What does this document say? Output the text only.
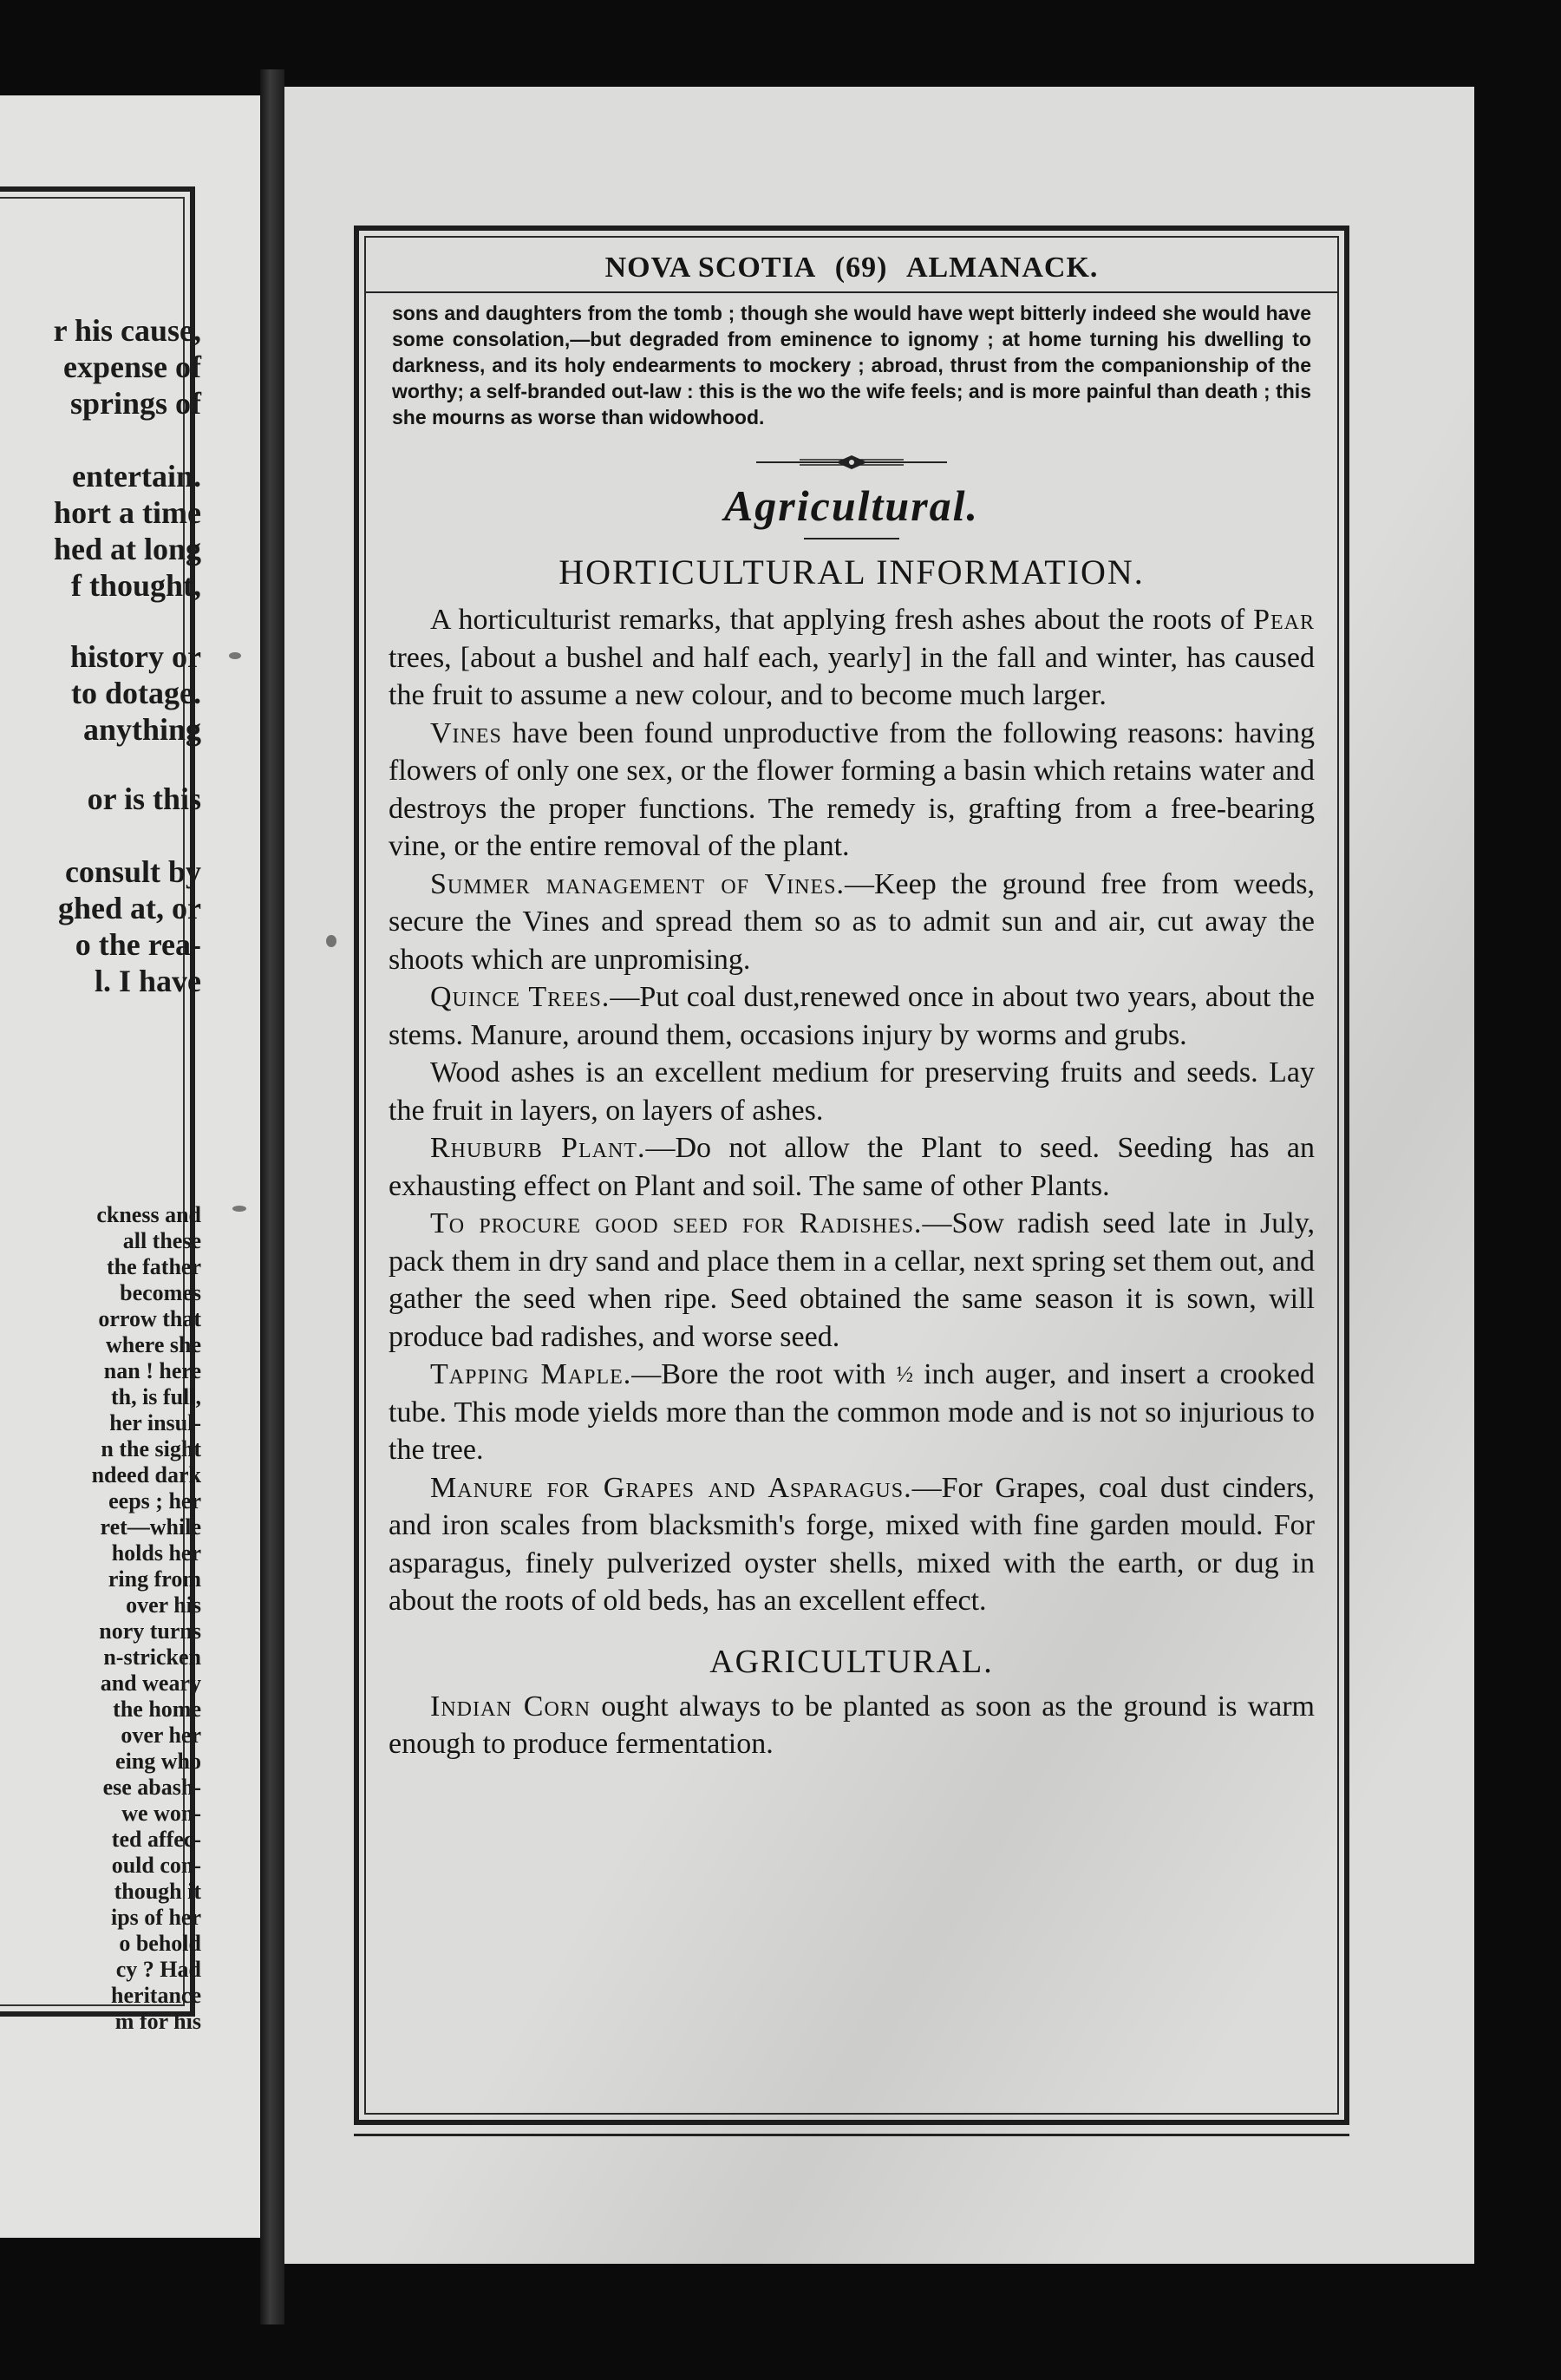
r his cause,
expense of
springs of
entertain.
hort a time
hed at long
f thought,
history or
to dotage.
anything
or is this
consult by
ghed at, or
o the rea-
l. I have
ckness and
all these
the father
becomes
orrow that
where she
nan ! here
th, is full,
her insul-
n the sight
ndeed dark
eeps ; her
ret—while
holds her
ring from
over his
nory turns
n-stricken
and weary
the home
over her
eing who
ese abash-
we won-
ted affec-
ould con-
though it
ips of her
o behold
cy ? Had
heritance
m for his
NOVA SCOTIA (69) ALMANACK.

sons and daughters from the tomb ; though she would have wept bitterly indeed she would have some consolation,—but degraded from eminence to ignomy ; at home turning his dwelling to darkness, and its holy endearments to mockery ; abroad, thrust from the companionship of the worthy; a self-branded out-law : this is the wo the wife feels; and is more painful than death ; this she mourns as worse than widowhood.

Agricultural.
HORTICULTURAL INFORMATION.

A horticulturist remarks, that applying fresh ashes about the roots of Pear trees, [about a bushel and half each, yearly] in the fall and winter, has caused the fruit to assume a new colour, and to become much larger.

Vines have been found unproductive from the following reasons: having flowers of only one sex, or the flower forming a basin which retains water and destroys the proper functions. The remedy is, grafting from a free-bearing vine, or the entire removal of the plant.

Summer management of Vines.—Keep the ground free from weeds, secure the Vines and spread them so as to admit sun and air, cut away the shoots which are unpromising.

Quince Trees.—Put coal dust,renewed once in about two years, about the stems. Manure, around them, occasions injury by worms and grubs.

Wood ashes is an excellent medium for preserving fruits and seeds. Lay the fruit in layers, on layers of ashes.

Rhuburb Plant.—Do not allow the Plant to seed. Seeding has an exhausting effect on Plant and soil. The same of other Plants.

To procure good seed for Radishes.—Sow radish seed late in July, pack them in dry sand and place them in a cellar, next spring set them out, and gather the seed when ripe. Seed obtained the same season it is sown, will produce bad radishes, and worse seed.

Tapping Maple.—Bore the root with ½ inch auger, and insert a crooked tube. This mode yields more than the common mode and is not so injurious to the tree.

Manure for Grapes and Asparagus.—For Grapes, coal dust cinders, and iron scales from blacksmith's forge, mixed with fine garden mould. For asparagus, finely pulverized oyster shells, mixed with the earth, or dug in about the roots of old beds, has an excellent effect.

AGRICULTURAL.

Indian Corn ought always to be planted as soon as the ground is warm enough to produce fermentation.
